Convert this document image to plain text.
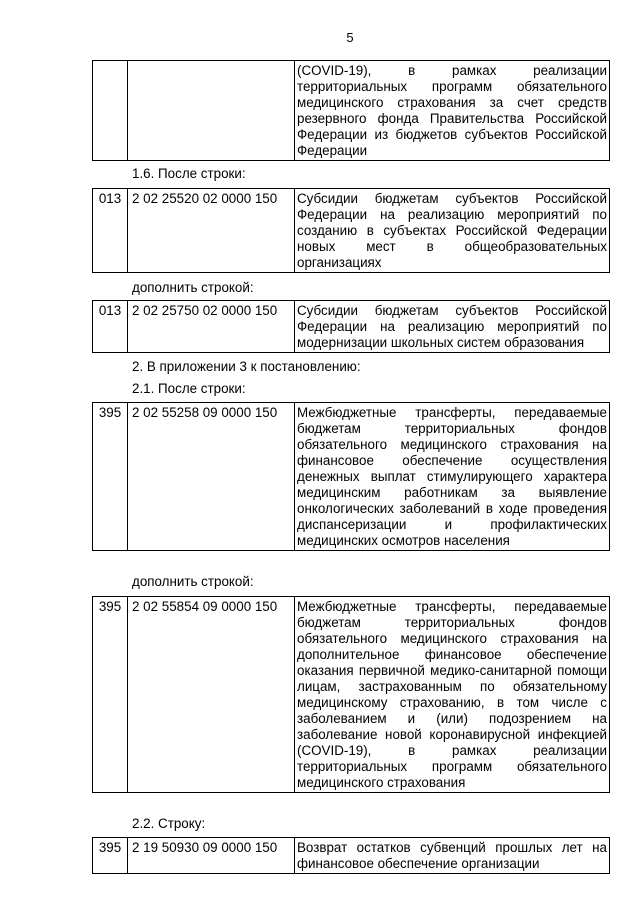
5
		(COVID-19), в рамках реализации территориальных программ обязательного медицинского страхования за счет средств резервного фонда Правительства Российской Федерации из бюджетов субъектов Российской Федерации
1.6. После строки:
013	2 02 25520 02 0000 150	Субсидии бюджетам субъектов Российской Федерации на реализацию мероприятий по созданию в субъектах Российской Федерации новых мест в общеобразовательных организациях
дополнить строкой:
013	2 02 25750 02 0000 150	Субсидии бюджетам субъектов Российской Федерации на реализацию мероприятий по модернизации школьных систем образования
2. В приложении 3 к постановлению:
2.1. После строки:
395	2 02 55258 09 0000 150	Межбюджетные трансферты, передаваемые бюджетам территориальных фондов обязательного медицинского страхования на финансовое обеспечение осуществления денежных выплат стимулирующего характера медицинским работникам за выявление онкологических заболеваний в ходе проведения диспансеризации и профилактических медицинских осмотров населения
дополнить строкой:
395	2 02 55854 09 0000 150	Межбюджетные трансферты, передаваемые бюджетам территориальных фондов обязательного медицинского страхования на дополнительное финансовое обеспечение оказания первичной медико-санитарной помощи лицам, застрахованным по обязательному медицинскому страхованию, в том числе с заболеванием и (или) подозрением на заболевание новой коронавирусной инфекцией (COVID-19), в рамках реализации территориальных программ обязательного медицинского страхования
2.2. Строку:
395	2 19 50930 09 0000 150	Возврат остатков субвенций прошлых лет на финансовое обеспечение организации
